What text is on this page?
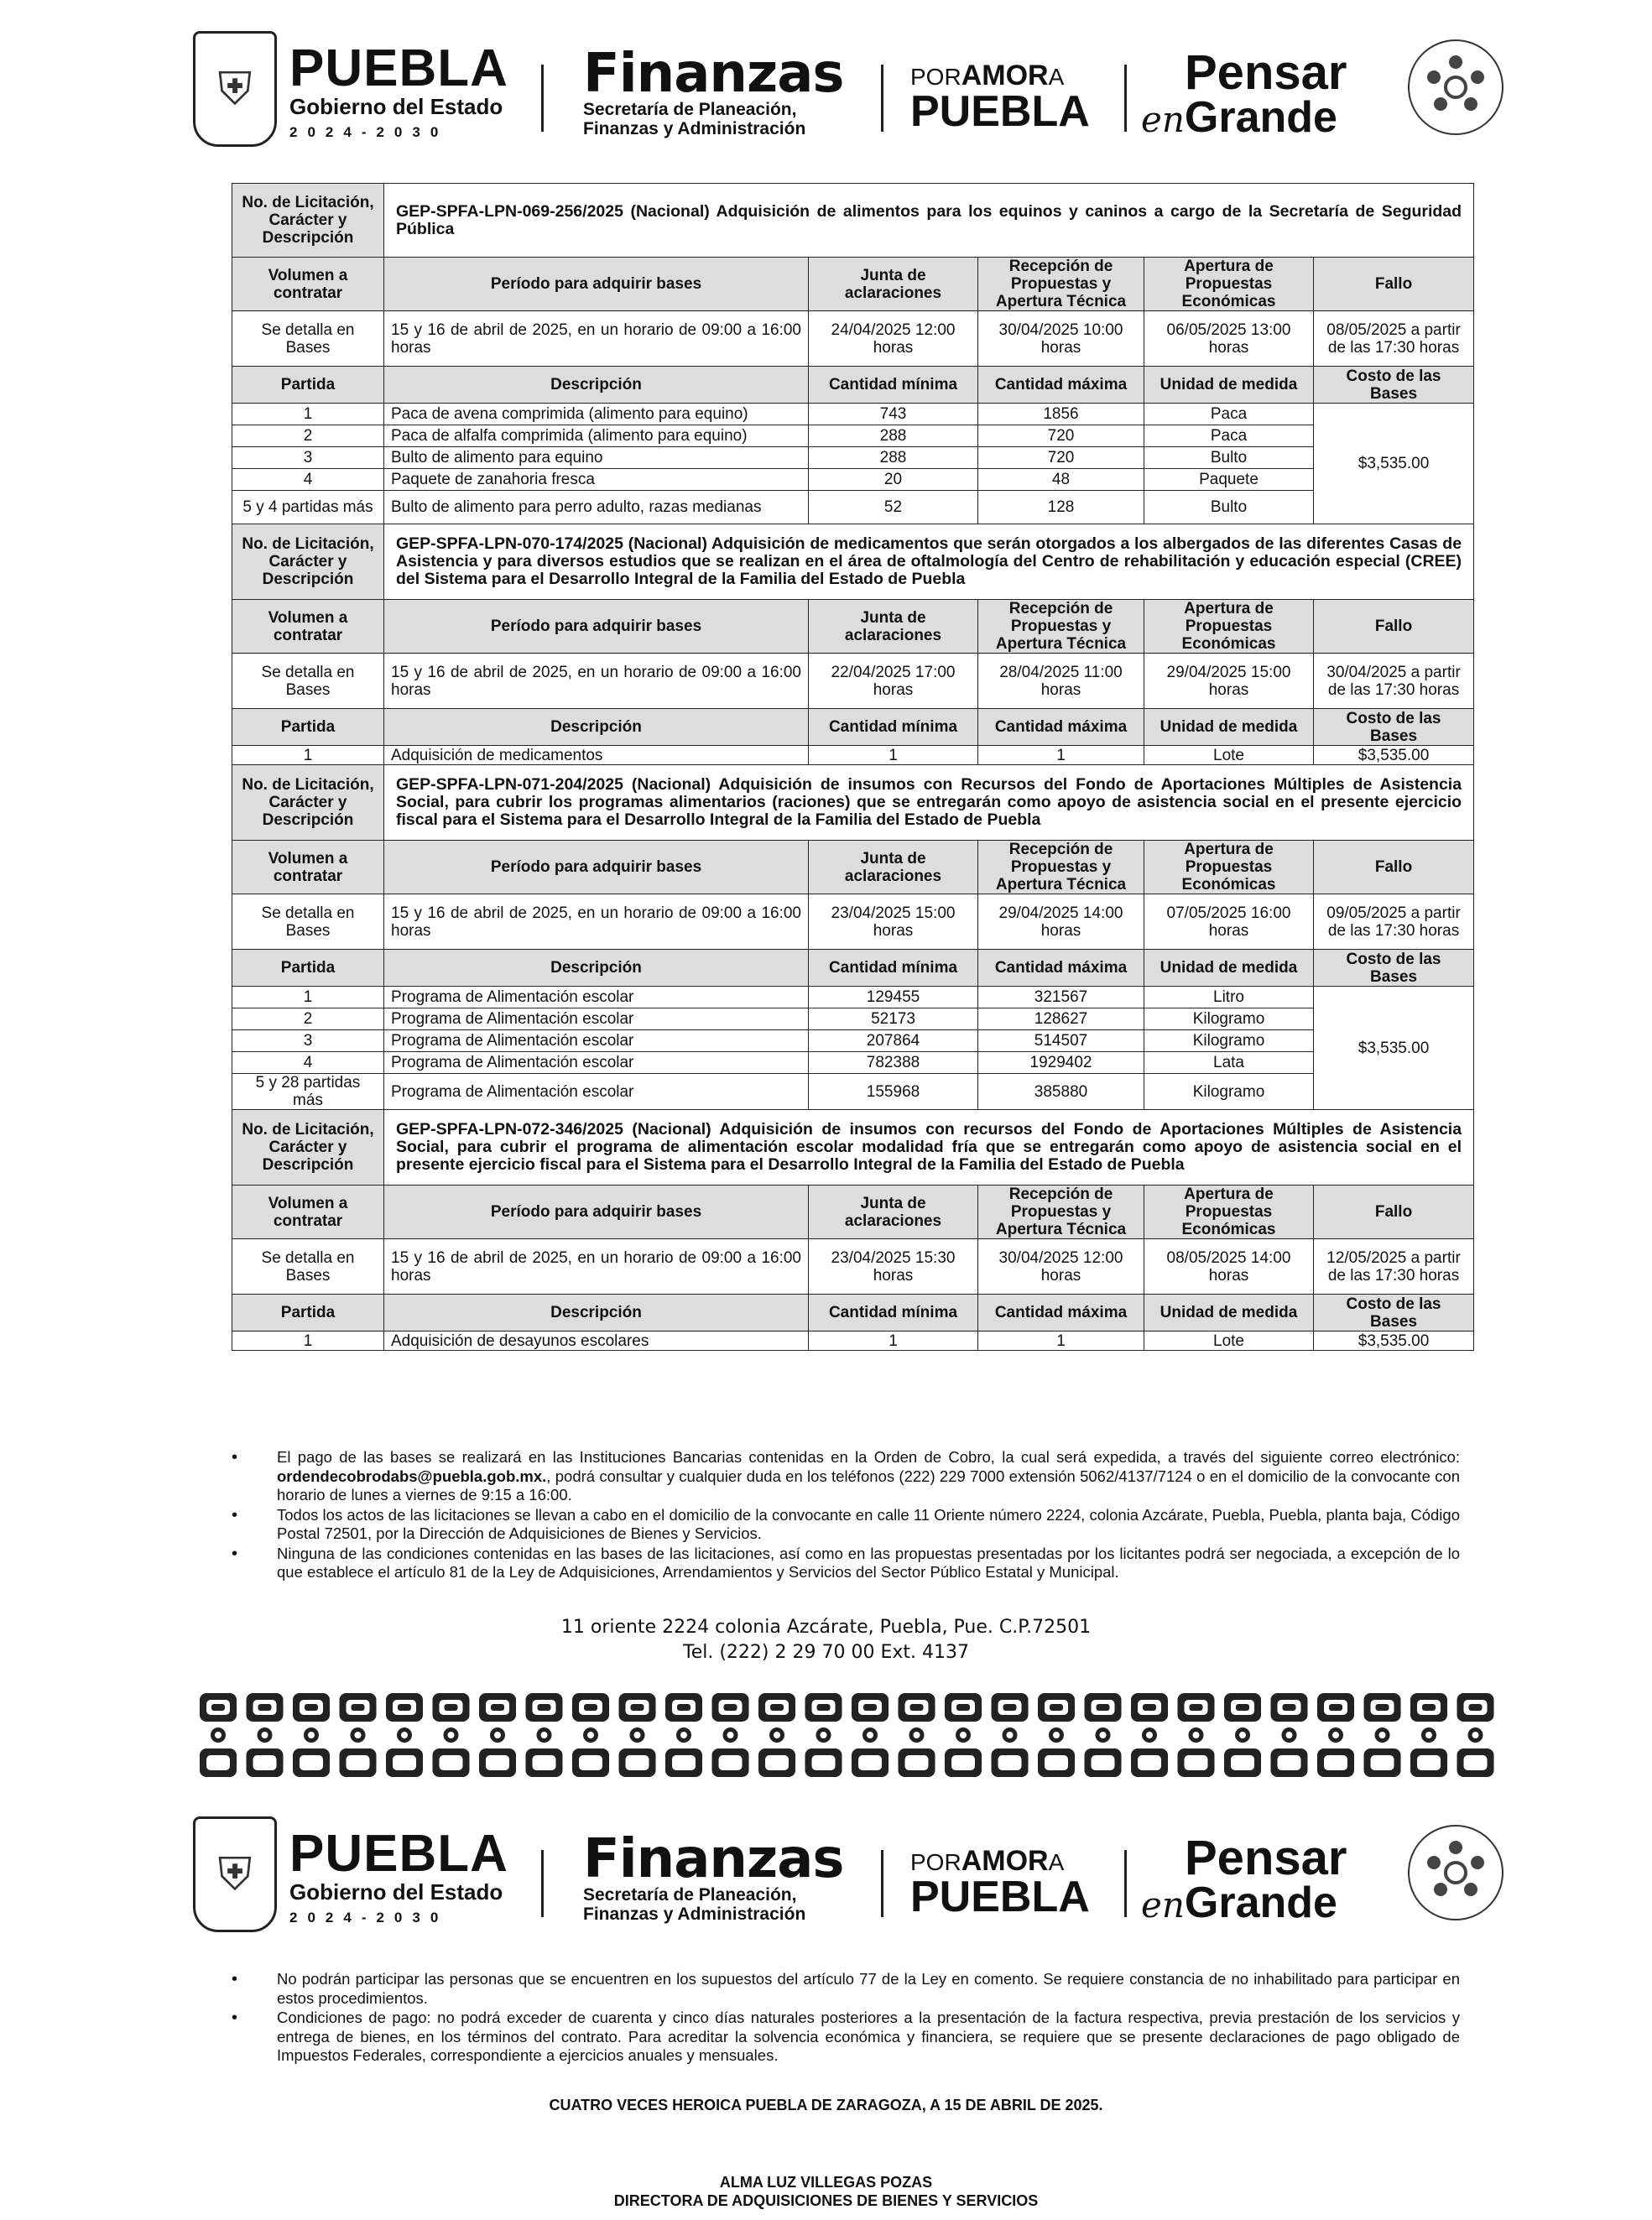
⛨ PUEBLA
Gobierno del Estado
2024-2030
Finanzas
Secretaría de Planeación,
Finanzas y Administración
PORAMORA
PUEBLA
Pensar
enGrande
No. de Licitación, Carácter y Descripción	GEP-SPFA-LPN-069-256/2025 (Nacional) Adquisición de alimentos para los equinos y caninos a cargo de la Secretaría de Seguridad Pública				
Volumen a contratar	Período para adquirir bases	Junta de aclaraciones	Recepción de Propuestas y Apertura Técnica	Apertura de Propuestas Económicas	Fallo
Se detalla en Bases	15 y 16 de abril de 2025, en un horario de 09:00 a 16:00 horas	24/04/2025 12:00 horas	30/04/2025 10:00 horas	06/05/2025 13:00 horas	08/05/2025 a partir de las 17:30 horas
Partida	Descripción	Cantidad mínima	Cantidad máxima	Unidad de medida	Costo de las Bases
1	Paca de avena comprimida (alimento para equino)	743	1856	Paca	$3,535.00
2	Paca de alfalfa comprimida (alimento para equino)	288	720	Paca	
3	Bulto de alimento para equino	288	720	Bulto	
4	Paquete de zanahoria fresca	20	48	Paquete	
5 y 4 partidas más	Bulto de alimento para perro adulto, razas medianas	52	128	Bulto	
No. de Licitación, Carácter y Descripción	GEP-SPFA-LPN-070-174/2025 (Nacional) Adquisición de medicamentos que serán otorgados a los albergados de las diferentes Casas de Asistencia y para diversos estudios que se realizan en el área de oftalmología del Centro de rehabilitación y educación especial (CREE) del Sistema para el Desarrollo Integral de la Familia del Estado de Puebla				
Volumen a contratar	Período para adquirir bases	Junta de aclaraciones	Recepción de Propuestas y Apertura Técnica	Apertura de Propuestas Económicas	Fallo
Se detalla en Bases	15 y 16 de abril de 2025, en un horario de 09:00 a 16:00 horas	22/04/2025 17:00 horas	28/04/2025 11:00 horas	29/04/2025 15:00 horas	30/04/2025 a partir de las 17:30 horas
Partida	Descripción	Cantidad mínima	Cantidad máxima	Unidad de medida	Costo de las Bases
1	Adquisición de medicamentos	1	1	Lote	$3,535.00
No. de Licitación, Carácter y Descripción	GEP-SPFA-LPN-071-204/2025 (Nacional) Adquisición de insumos con Recursos del Fondo de Aportaciones Múltiples de Asistencia Social, para cubrir los programas alimentarios (raciones) que se entregarán como apoyo de asistencia social en el presente ejercicio fiscal para el Sistema para el Desarrollo Integral de la Familia del Estado de Puebla				
Volumen a contratar	Período para adquirir bases	Junta de aclaraciones	Recepción de Propuestas y Apertura Técnica	Apertura de Propuestas Económicas	Fallo
Se detalla en Bases	15 y 16 de abril de 2025, en un horario de 09:00 a 16:00 horas	23/04/2025 15:00 horas	29/04/2025 14:00 horas	07/05/2025 16:00 horas	09/05/2025 a partir de las 17:30 horas
Partida	Descripción	Cantidad mínima	Cantidad máxima	Unidad de medida	Costo de las Bases
1	Programa de Alimentación escolar	129455	321567	Litro	$3,535.00
2	Programa de Alimentación escolar	52173	128627	Kilogramo	
3	Programa de Alimentación escolar	207864	514507	Kilogramo	
4	Programa de Alimentación escolar	782388	1929402	Lata	
5 y 28 partidas más	Programa de Alimentación escolar	155968	385880	Kilogramo	
No. de Licitación, Carácter y Descripción	GEP-SPFA-LPN-072-346/2025 (Nacional) Adquisición de insumos con recursos del Fondo de Aportaciones Múltiples de Asistencia Social, para cubrir el programa de alimentación escolar modalidad fría que se entregarán como apoyo de asistencia social en el presente ejercicio fiscal para el Sistema para el Desarrollo Integral de la Familia del Estado de Puebla				
Volumen a contratar	Período para adquirir bases	Junta de aclaraciones	Recepción de Propuestas y Apertura Técnica	Apertura de Propuestas Económicas	Fallo
Se detalla en Bases	15 y 16 de abril de 2025, en un horario de 09:00 a 16:00 horas	23/04/2025 15:30 horas	30/04/2025 12:00 horas	08/05/2025 14:00 horas	12/05/2025 a partir de las 17:30 horas
Partida	Descripción	Cantidad mínima	Cantidad máxima	Unidad de medida	Costo de las Bases
1	Adquisición de desayunos escolares	1	1	Lote	$3,535.00
• El pago de las bases se realizará en las Instituciones Bancarias contenidas en la Orden de Cobro, la cual será expedida, a través del siguiente correo electrónico: ordendecobrodabs@puebla.gob.mx., podrá consultar y cualquier duda en los teléfonos (222) 229 7000 extensión 5062/4137/7124 o en el domicilio de la convocante con horario de lunes a viernes de 9:15 a 16:00.
• Todos los actos de las licitaciones se llevan a cabo en el domicilio de la convocante en calle 11 Oriente número 2224, colonia Azcárate, Puebla, Puebla, planta baja, Código Postal 72501, por la Dirección de Adquisiciones de Bienes y Servicios.
• Ninguna de las condiciones contenidas en las bases de las licitaciones, así como en las propuestas presentadas por los licitantes podrá ser negociada, a excepción de lo que establece el artículo 81 de la Ley de Adquisiciones, Arrendamientos y Servicios del Sector Público Estatal y Municipal.
11 oriente 2224 colonia Azcárate, Puebla, Pue. C.P.72501
Tel. (222) 2 29 70 00 Ext. 4137
⛨ PUEBLA
Gobierno del Estado
2024-2030
Finanzas
Secretaría de Planeación,
Finanzas y Administración
PORAMORA
PUEBLA
Pensar
enGrande
• No podrán participar las personas que se encuentren en los supuestos del artículo 77 de la Ley en comento. Se requiere constancia de no inhabilitado para participar en estos procedimientos.
• Condiciones de pago: no podrá exceder de cuarenta y cinco días naturales posteriores a la presentación de la factura respectiva, previa prestación de los servicios y entrega de bienes, en los términos del contrato. Para acreditar la solvencia económica y financiera, se requiere que se presente declaraciones de pago obligado de Impuestos Federales, correspondiente a ejercicios anuales y mensuales.
CUATRO VECES HEROICA PUEBLA DE ZARAGOZA, A 15 DE ABRIL DE 2025.
ALMA LUZ VILLEGAS POZAS
DIRECTORA DE ADQUISICIONES DE BIENES Y SERVICIOS
